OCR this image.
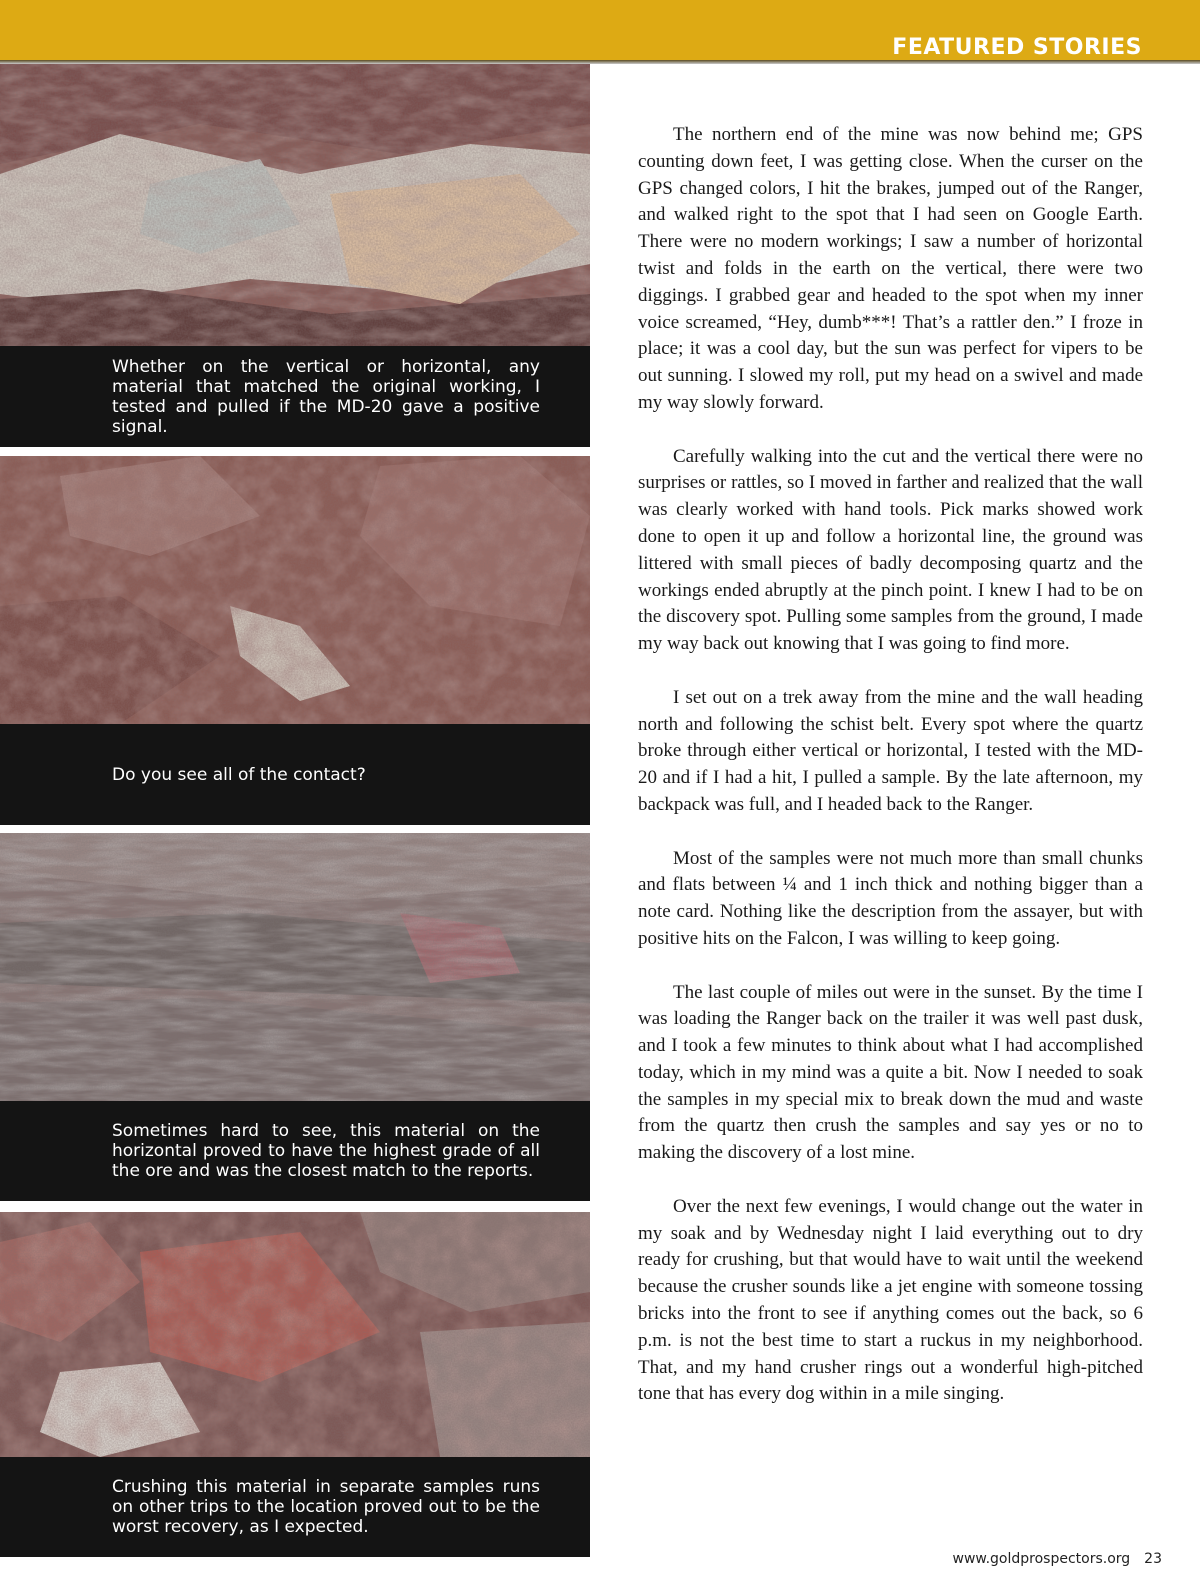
FEATURED STORIES
Whether on the vertical or horizontal, any material that matched the original working, I tested and pulled if the MD-20 gave a positive signal.
Do you see all of the contact?
Sometimes hard to see, this material on the horizontal proved to have the highest grade of all the ore and was the closest match to the reports.
Crushing this material in separate samples runs on other trips to the location proved out to be the worst recovery, as I expected.

The northern end of the mine was now behind me; GPS counting down feet, I was getting close. When the curser on the GPS changed colors, I hit the brakes, jumped out of the Ranger, and walked right to the spot that I had seen on Google Earth. There were no modern workings; I saw a number of horizontal twist and folds in the earth on the vertical, there were two diggings. I grabbed gear and headed to the spot when my inner voice screamed, “Hey, dumb***! That’s a rattler den.” I froze in place; it was a cool day, but the sun was perfect for vipers to be out sunning. I slowed my roll, put my head on a swivel and made my way slowly forward.

Carefully walking into the cut and the vertical there were no surprises or rattles, so I moved in farther and realized that the wall was clearly worked with hand tools. Pick marks showed work done to open it up and follow a horizontal line, the ground was littered with small pieces of badly decomposing quartz and the workings ended abruptly at the pinch point. I knew I had to be on the discovery spot. Pulling some samples from the ground, I made my way back out knowing that I was going to find more.

I set out on a trek away from the mine and the wall heading north and following the schist belt. Every spot where the quartz broke through either vertical or horizontal, I tested with the MD-20 and if I had a hit, I pulled a sample. By the late afternoon, my backpack was full, and I headed back to the Ranger.

Most of the samples were not much more than small chunks and flats between ¼ and 1 inch thick and nothing bigger than a note card. Nothing like the description from the assayer, but with positive hits on the Falcon, I was willing to keep going.

The last couple of miles out were in the sunset. By the time I was loading the Ranger back on the trailer it was well past dusk, and I took a few minutes to think about what I had accomplished today, which in my mind was a quite a bit. Now I needed to soak the samples in my special mix to break down the mud and waste from the quartz then crush the samples and say yes or no to making the discovery of a lost mine.

Over the next few evenings, I would change out the water in my soak and by Wednesday night I laid everything out to dry ready for crushing, but that would have to wait until the weekend because the crusher sounds like a jet engine with someone tossing bricks into the front to see if anything comes out the back, so 6 p.m. is not the best time to start a ruckus in my neighborhood. That, and my hand crusher rings out a wonderful high-pitched tone that has every dog within in a mile singing.

www.goldprospectors.org 23
